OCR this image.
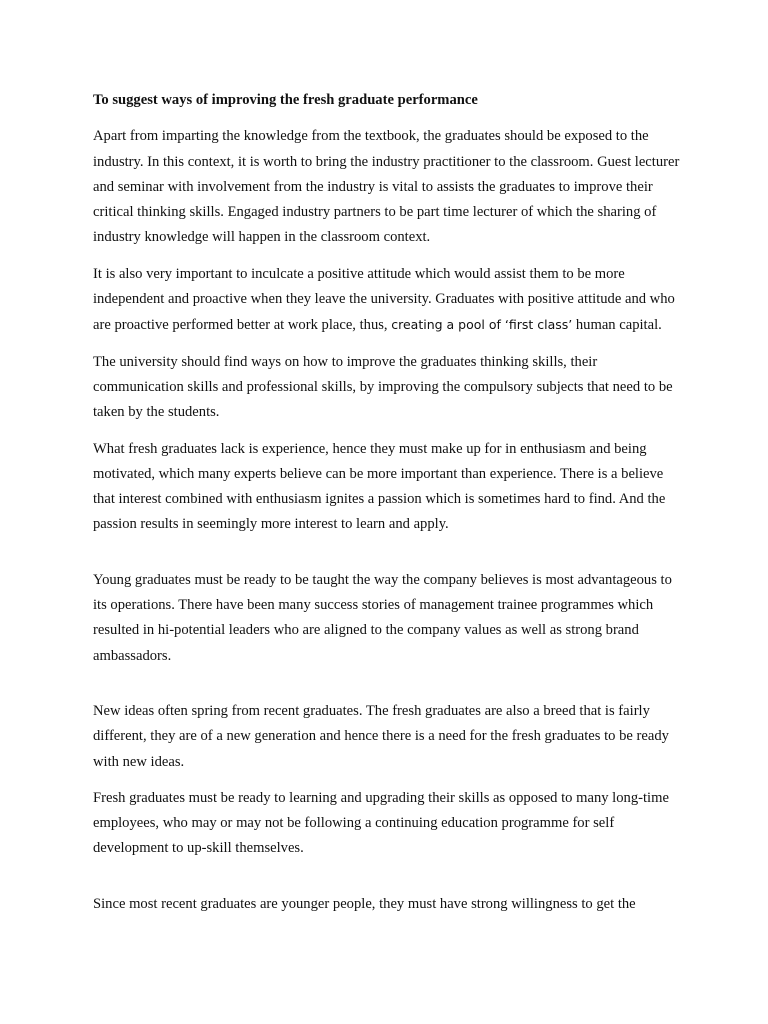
To suggest ways of improving the fresh graduate performance

Apart from imparting the knowledge from the textbook, the graduates should be exposed to the industry. In this context, it is worth to bring the industry practitioner to the classroom. Guest lecturer and seminar with involvement from the industry is vital to assists the graduates to improve their critical thinking skills. Engaged industry partners to be part time lecturer of which the sharing of industry knowledge will happen in the classroom context.

It is also very important to inculcate a positive attitude which would assist them to be more independent and proactive when they leave the university. Graduates with positive attitude and who are proactive performed better at work place, thus, creating a pool of ‘first class’ human capital.

The university should find ways on how to improve the graduates thinking skills, their communication skills and professional skills, by improving the compulsory subjects that need to be taken by the students.

What fresh graduates lack is experience, hence they must make up for in enthusiasm and being motivated, which many experts believe can be more important than experience. There is a believe that interest combined with enthusiasm ignites a passion which is sometimes hard to find. And the passion results in seemingly more interest to learn and apply.

Young graduates must be ready to be taught the way the company believes is most advantageous to its operations. There have been many success stories of management trainee programmes which resulted in hi-potential leaders who are aligned to the company values as well as strong brand ambassadors.

New ideas often spring from recent graduates. The fresh graduates are also a breed that is fairly different, they are of a new generation and hence there is a need for the fresh graduates to be ready with new ideas.

Fresh graduates must be ready to learning and upgrading their skills as opposed to many long-time employees, who may or may not be following a continuing education programme for self development to up-skill themselves.

Since most recent graduates are younger people, they must have strong willingness to get the
